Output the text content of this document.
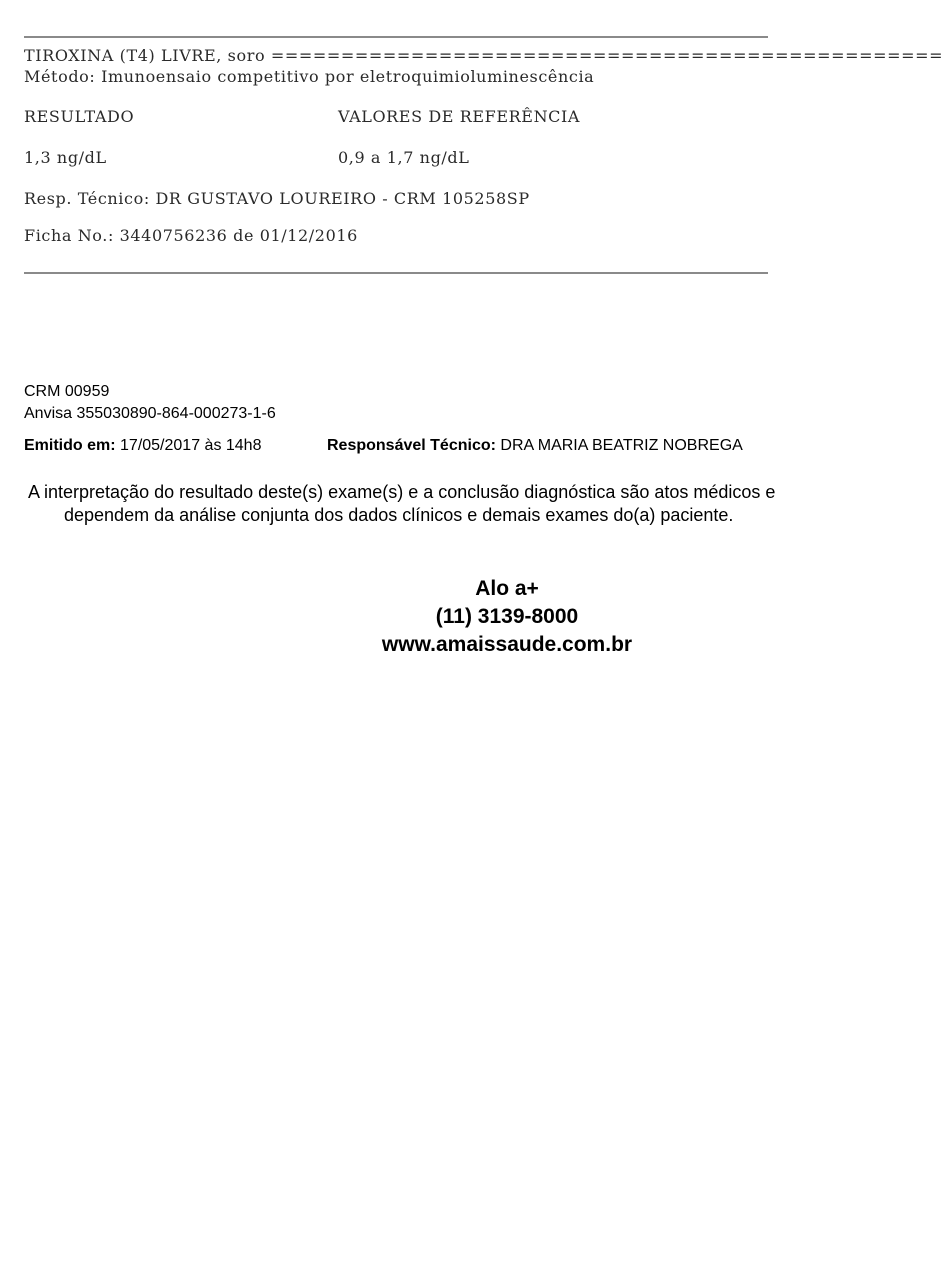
TIROXINA (T4) LIVRE, soro ================================================
Método: Imunoensaio competitivo por eletroquimioluminescência
RESULTADO	VALORES DE REFERÊNCIA
1,3 ng/dL	0,9 a 1,7 ng/dL
Resp. Técnico: DR GUSTAVO LOUREIRO - CRM 105258SP
Ficha No.: 3440756236 de 01/12/2016
CRM 00959
Anvisa 355030890-864-000273-1-6
Emitido em: 17/05/2017 às 14h8	Responsável Técnico: DRA MARIA BEATRIZ NOBREGA
A interpretação do resultado deste(s) exame(s) e a conclusão diagnóstica são atos médicos e
dependem da análise conjunta dos dados clínicos e demais exames do(a) paciente.
Alo a+
(11) 3139-8000
www.amaissaude.com.br
